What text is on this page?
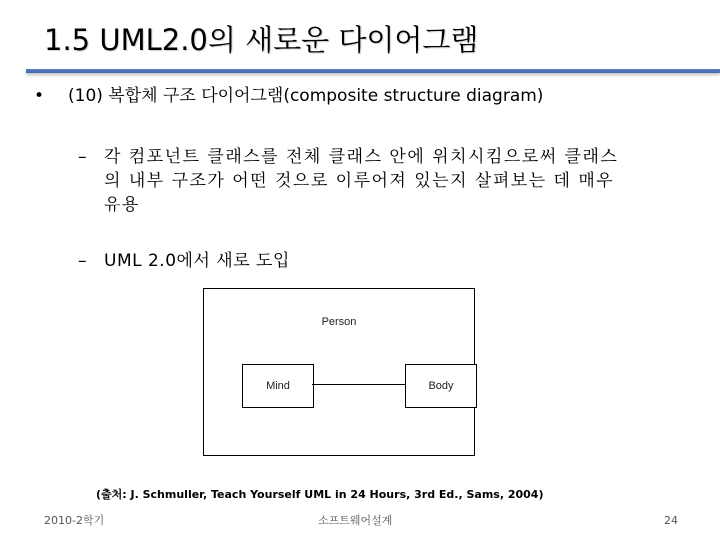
1.5 UML2.0의 새로운 다이어그램
• (10) 복합체 구조 다이어그램(composite structure diagram)
– 각 컴포넌트 클래스를 전체 클래스 안에 위치시킴으로써 클래스
의 내부 구조가 어떤 것으로 이루어져 있는지 살펴보는 데 매우
유용
– UML 2.0에서 새로 도입
Person
Mind	Body
(출처: J. Schmuller, Teach Yourself UML in 24 Hours, 3rd Ed., Sams, 2004)
2010-2학기	소프트웨어설계	24
